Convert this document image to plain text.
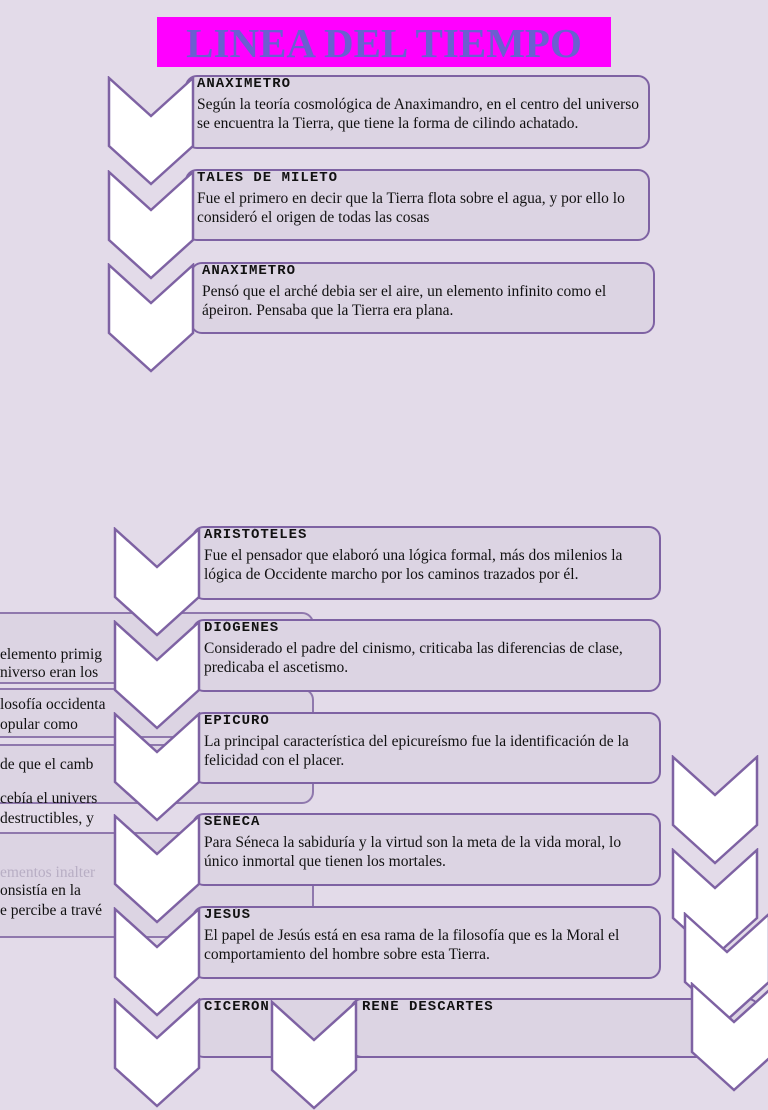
LINEA DEL TIEMPO
elemento primig
niverso eran los
losofía occidenta
opular como
de que el camb
cebía el univers
destructibles, y
ementos inalter
onsistía en la
e percibe a travé
ANAXIMETRO
Según la teoría cosmológica de Anaximandro, en el centro del universo se encuentra la Tierra, que tiene la forma de cilindo achatado.
TALES DE MILETO
Fue el primero en decir que la Tierra flota sobre el agua, y por ello lo consideró el origen de todas las cosas
ANAXIMETRO
Pensó que el arché debia ser el aire, un elemento infinito como el ápeiron. Pensaba que la Tierra era plana.
ARISTÓTELES
Fue el pensador que elaboró una lógica formal, más dos milenios la lógica de Occidente marcho por los caminos trazados por él.
DIÓGENES
Considerado el padre del cinismo, criticaba las diferencias de clase, predicaba el ascetismo.
EPÍCURO
La principal característica del epicureísmo fue la identificación de la felicidad con el placer.
SÉNECA
Para Séneca la sabiduría y la virtud son la meta de la vida moral, lo único inmortal que tienen los mortales.
JESÚS
El papel de Jesús está en esa rama de la filosofía que es la Moral el comportamiento del hombre sobre esta Tierra.
CICERÓN	RENÉ DESCARTES
